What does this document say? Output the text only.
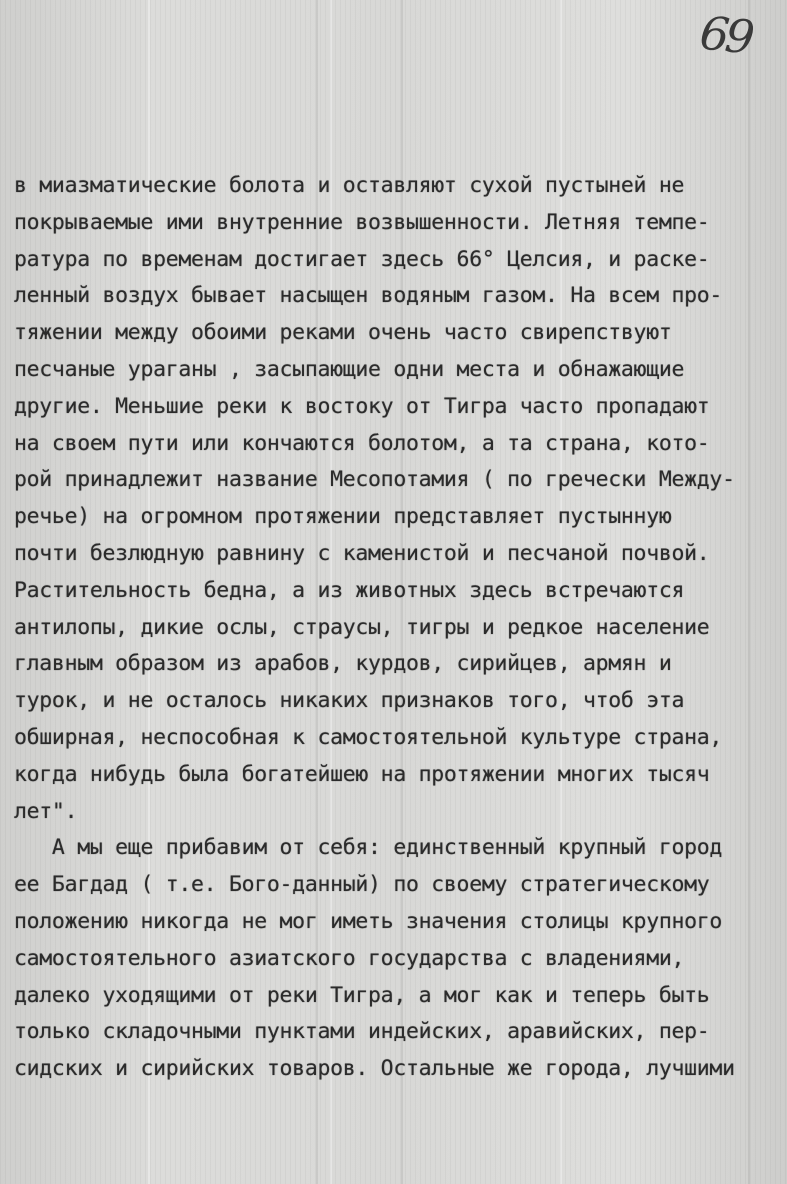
69
в миазматические болота и оставляют сухой пустыней не
покрываемые ими внутренние возвышенности. Летняя темпе-
ратура по временам достигает здесь 66° Целсия, и раске-
ленный воздух бывает насыщен водяным газом. На всем про-
тяжении между обоими реками очень часто свирепствуют
песчаные ураганы , засыпающие одни места и обнажающие
другие. Меньшие реки к востоку от Тигра часто пропадают
на своем пути или кончаются болотом, а та страна, кото-
рой принадлежит название Месопотамия ( по гречески Между-
речье) на огромном протяжении представляет пустынную
почти безлюдную равнину с каменистой и песчаной почвой.
Растительность бедна, а из животных здесь встречаются
антилопы, дикие ослы, страусы, тигры и редкое население
главным образом из арабов, курдов, сирийцев, армян и
турок, и не осталось никаких признаков того, чтоб эта
обширная, неспособная к самостоятельной культуре страна,
когда нибудь была богатейшею на протяжении многих тысяч
лет".
А мы еще прибавим от себя: единственный крупный город
ее Багдад ( т.е. Бого-данный) по своему стратегическому
положению никогда не мог иметь значения столицы крупного
самостоятельного азиатского государства с владениями,
далеко уходящими от реки Тигра, а мог как и теперь быть
только складочными пунктами индейских, аравийских, пер-
сидских и сирийских товаров. Остальные же города, лучшими
